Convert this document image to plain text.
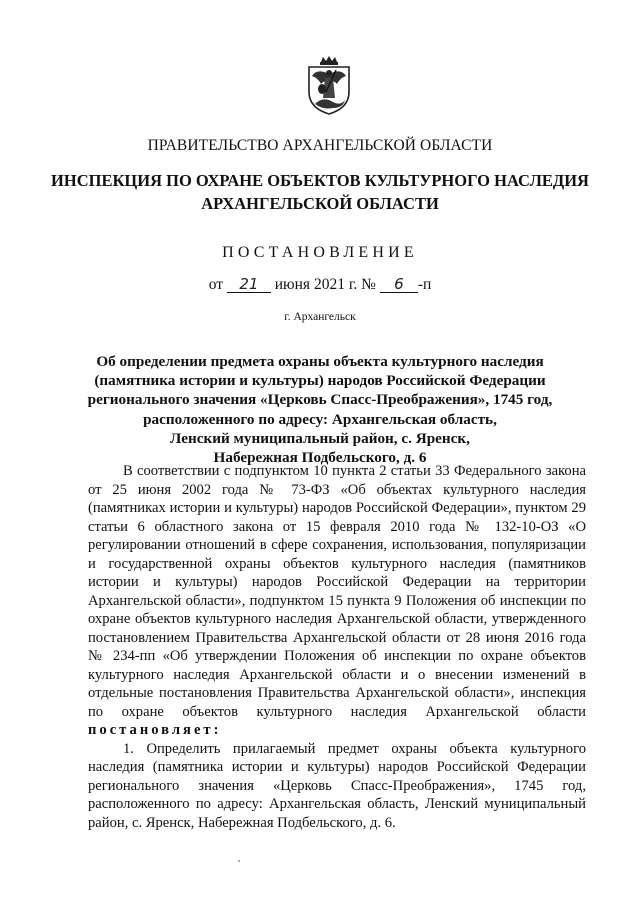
ПРАВИТЕЛЬСТВО АРХАНГЕЛЬСКОЙ ОБЛАСТИ
ИНСПЕКЦИЯ ПО ОХРАНЕ ОБЪЕКТОВ КУЛЬТУРНОГО НАСЛЕДИЯ
АРХАНГЕЛЬСКОЙ ОБЛАСТИ
ПОСТАНОВЛЕНИЕ
от 21 июня 2021 г. № 6 -п
г. Архангельск
Об определении предмета охраны объекта культурного наследия
(памятника истории и культуры) народов Российской Федерации
регионального значения «Церковь Спасс-Преображения», 1745 год,
расположенного по адресу: Архангельская область,
Ленский муниципальный район, с. Яренск,
Набережная Подбельского, д. 6

В соответствии с подпунктом 10 пункта 2 статьи 33 Федерального закона от 25 июня 2002 года № 73-ФЗ «Об объектах культурного наследия (памятниках истории и культуры) народов Российской Федерации», пунктом 29 статьи 6 областного закона от 15 февраля 2010 года № 132-10-ОЗ «О регулировании отношений в сфере сохранения, использования, популяризации и государственной охраны объектов культурного наследия (памятников истории и культуры) народов Российской Федерации на территории Архангельской области», подпунктом 15 пункта 9 Положения об инспекции по охране объектов культурного наследия Архангельской области, утвержденного постановлением Правительства Архангельской области от 28 июня 2016 года № 234-пп «Об утверждении Положения об инспекции по охране объектов культурного наследия Архангельской области и о внесении изменений в отдельные постановления Правительства Архангельской области», инспекция по охране объектов культурного наследия Архангельской области постановляет:

1. Определить прилагаемый предмет охраны объекта культурного наследия (памятника истории и культуры) народов Российской Федерации регионального значения «Церковь Спасс-Преображения», 1745 год, расположенного по адресу: Архангельская область, Ленский муниципальный район, с. Яренск, Набережная Подбельского, д. 6.
